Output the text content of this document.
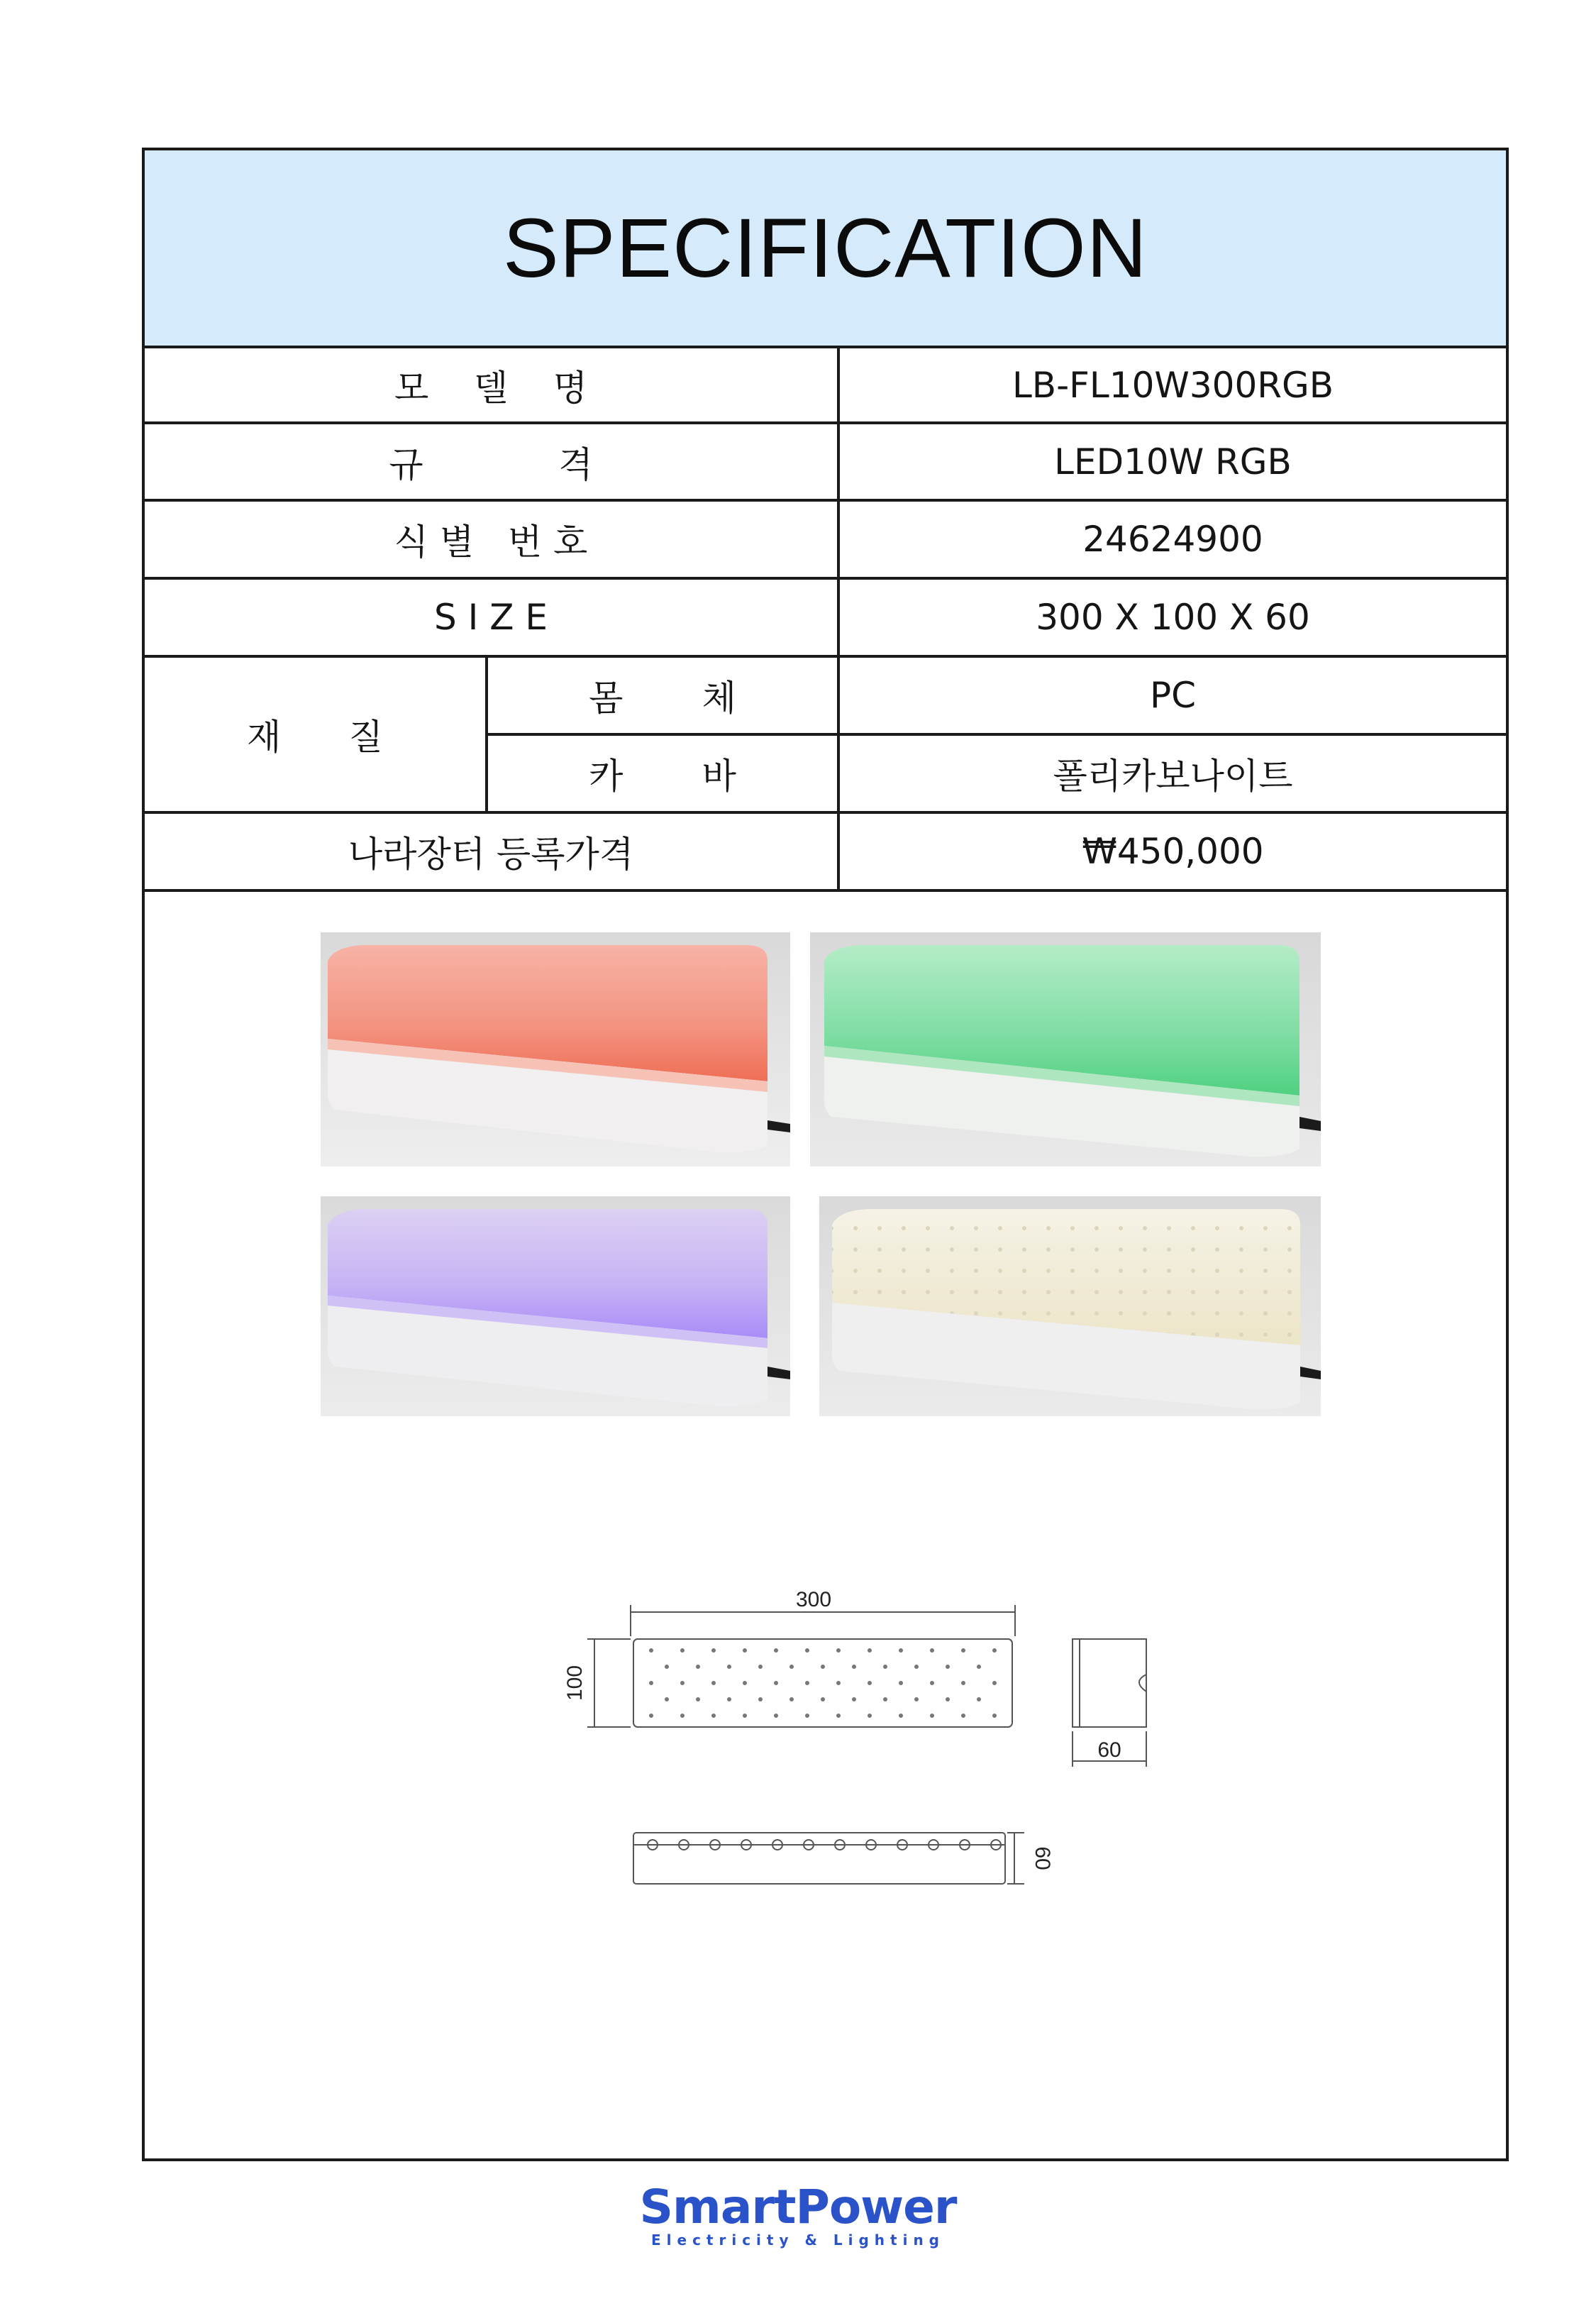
SPECIFICATION
모    델    명	LB-FL10W300RGB
규            격	LED10W RGB
식 별   번 호	24624900
S I Z E	300 X 100 X 60
재      질
몸       체	PC
카       바	폴리카보나이트
나라장터 등록가격	₩450,000
300
100
60
60
SmartPower
Electricity & Lighting
